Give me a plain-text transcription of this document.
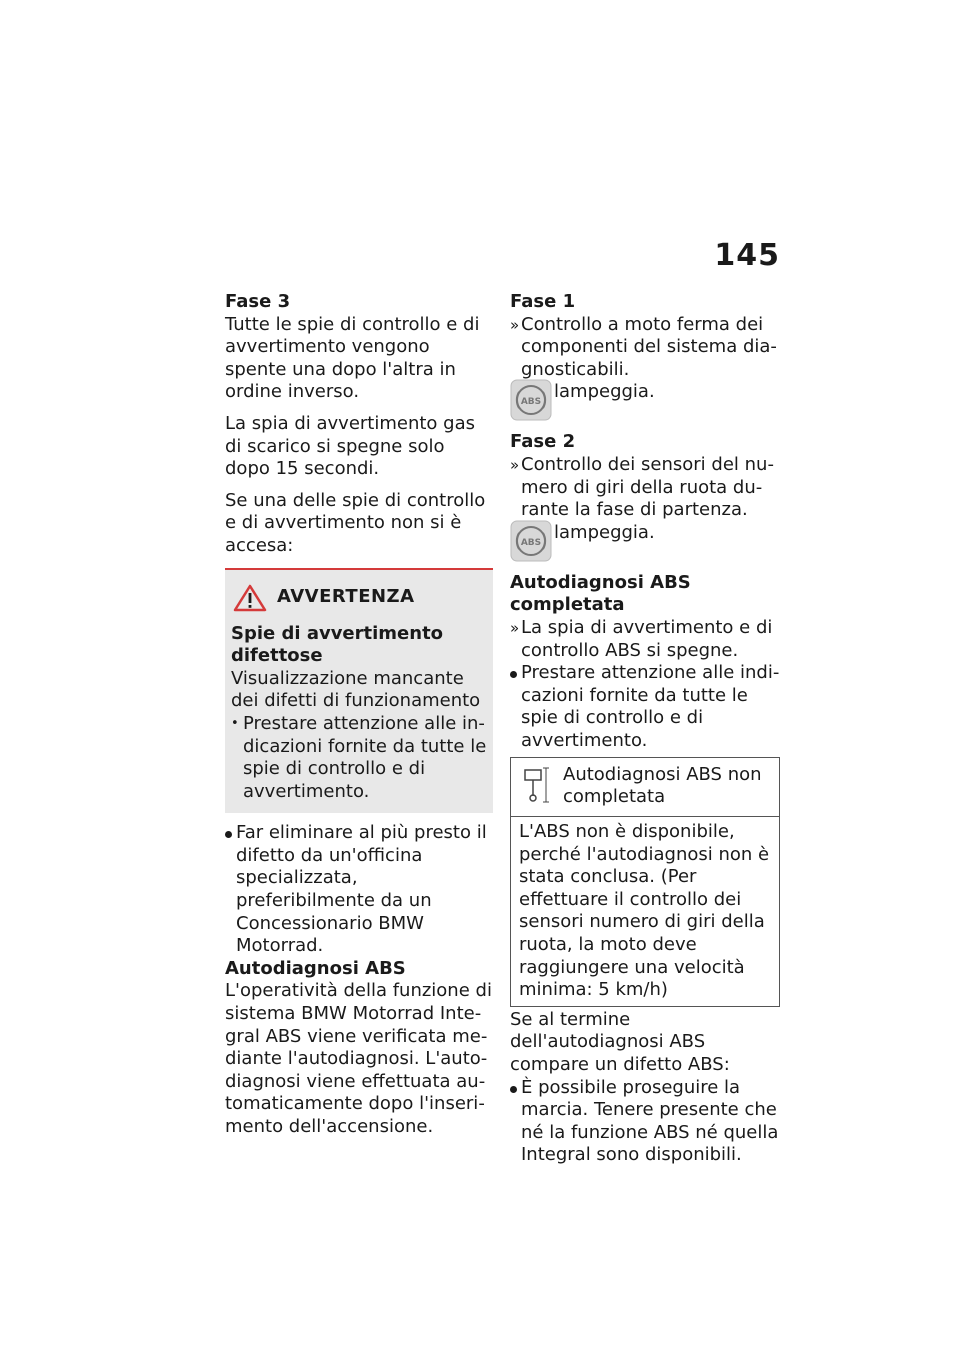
145
Fase 3

Tutte le spie di controllo e di avvertimento vengono spente una dopo l'altra in ordine inverso.

La spia di avvertimento gas di scarico si spegne solo dopo 15 secondi.

Se una delle spie di controllo e di avvertimento non si è accesa:

AVVERTENZA
Spie di avvertimento difettose
Visualizzazione mancante dei difetti di funzionamento
• Prestare attenzione alle indicazioni fornite da tutte le spie di controllo e di avvertimento.
Far eliminare al più presto il difetto da un'officina specializzata, preferibilmente da un Concessionario BMW Motorrad.
Autodiagnosi ABS

L'operatività della funzione di sistema BMW Motorrad Integral ABS viene verificata mediante l'autodiagnosi. L'autodiagnosi viene effettuata automaticamente dopo l'inserimento dell'accensione.

Fase 1
» Controllo a moto ferma dei componenti del sistema diagnosticabili.
ABS lampeggia.
Fase 2
» Controllo dei sensori del numero di giri della ruota durante la fase di partenza.
ABS lampeggia.
Autodiagnosi ABS completata
» La spia di avvertimento e di controllo ABS si spegne.
Prestare attenzione alle indicazioni fornite da tutte le spie di controllo e di avvertimento.
Autodiagnosi ABS non completata
L'ABS non è disponibile, perché l'autodiagnosi non è stata conclusa. (Per effettuare il controllo dei sensori numero di giri della ruota, la moto deve raggiungere una velocità minima: 5 km/h)

Se al termine dell'autodiagnosi ABS compare un difetto ABS:

È possibile proseguire la marcia. Tenere presente che né la funzione ABS né quella Integral sono disponibili.
